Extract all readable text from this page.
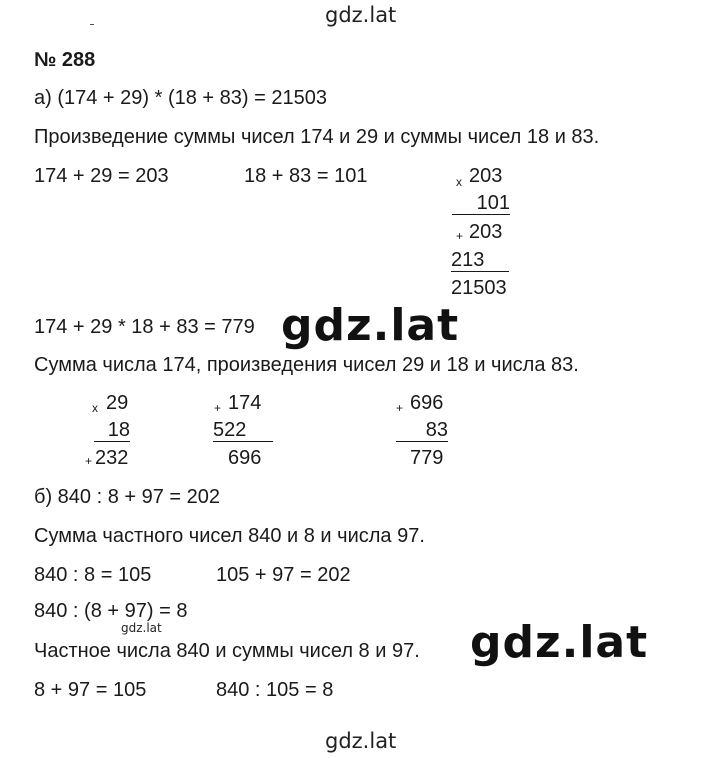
gdz.lat
№ 288
а) (174 + 29) * (18 + 83) = 21503
Произведение суммы чисел 174 и 29 и суммы чисел 18 и 83.
174 + 29 = 203	18 + 83 = 101	x 203
101
+ 203
213
21503
174 + 29 * 18 + 83 = 779 gdz.lat
Сумма числа 174, произведения чисел 29 и 18 и числа 83.
x 29
18
+ 232
+ 174
522
696
+ 696
83
779
б) 840 : 8 + 97 = 202
Сумма частного чисел 840 и 8 и числа 97.
840 : 8 = 105	105 + 97 = 202
840 : (8 + 97) = 8
gdz.lat
Частное числа 840 и суммы чисел 8 и 97. gdz.lat
8 + 97 = 105	840 : 105 = 8
gdz.lat
